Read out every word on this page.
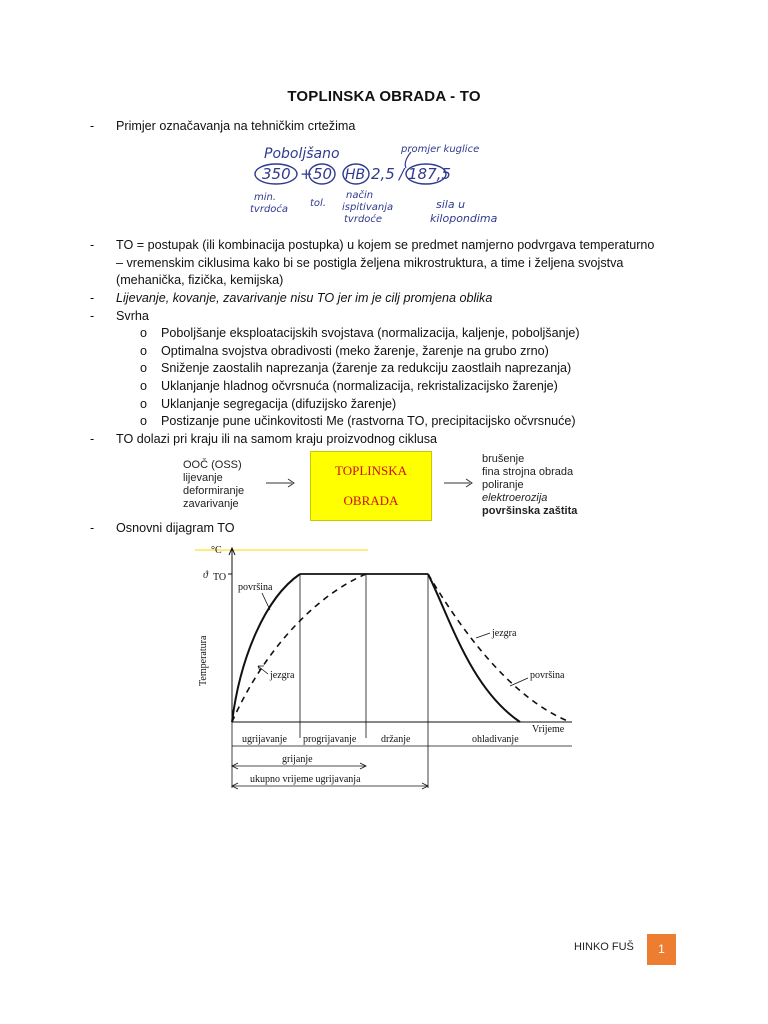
TOPLINSKA OBRADA - TO
- Primjer označavanja na tehničkim crtežima
Poboljšano	promjer kuglice
350 + 50 HB 2,5 / 187,5
min.
tvrdoća
tol.
način
ispitivanja
tvrdoće
sila u
kilopondima
- TO = postupak (ili kombinacija postupka) u kojem se predmet namjerno podvrgava temperaturno
– vremenskim ciklusima kako bi se postigla željena mikrostruktura, a time i željena svojstva
(mehanička, fizička, kemijska)
- Lijevanje, kovanje, zavarivanje nisu TO jer im je cilj promjena oblika
- Svrha
o Poboljšanje eksploatacijskih svojstava (normalizacija, kaljenje, poboljšanje)
o Optimalna svojstva obradivosti (meko žarenje, žarenje na grubo zrno)
o Sniženje zaostalih naprezanja (žarenje za redukciju zaostlaih naprezanja)
o Uklanjanje hladnog očvrsnuća (normalizacija, rekristalizacijsko žarenje)
o Uklanjanje segregacija (difuzijsko žarenje)
o Postizanje pune učinkovitosti Me (rastvorna TO, precipitacijsko očvrsnuće)
- TO dolazi pri kraju ili na samom kraju proizvodnog ciklusa
OOČ (OSS)
lijevanje
deformiranje
zavarivanje
TOPLINSKA
OBRADA
brušenje
fina strojna obrada
poliranje
elektroerozija
površinska zaštita
- Osnovni dijagram TO
°C
ϑ TO
Temperatura
površina
jezgra
jezgra
površina
Vrijeme
ugrijavanje progrijavanje držanje	ohladivanje
grijanje
ukupno vrijeme ugrijavanja
HINKO FUŠ	1
